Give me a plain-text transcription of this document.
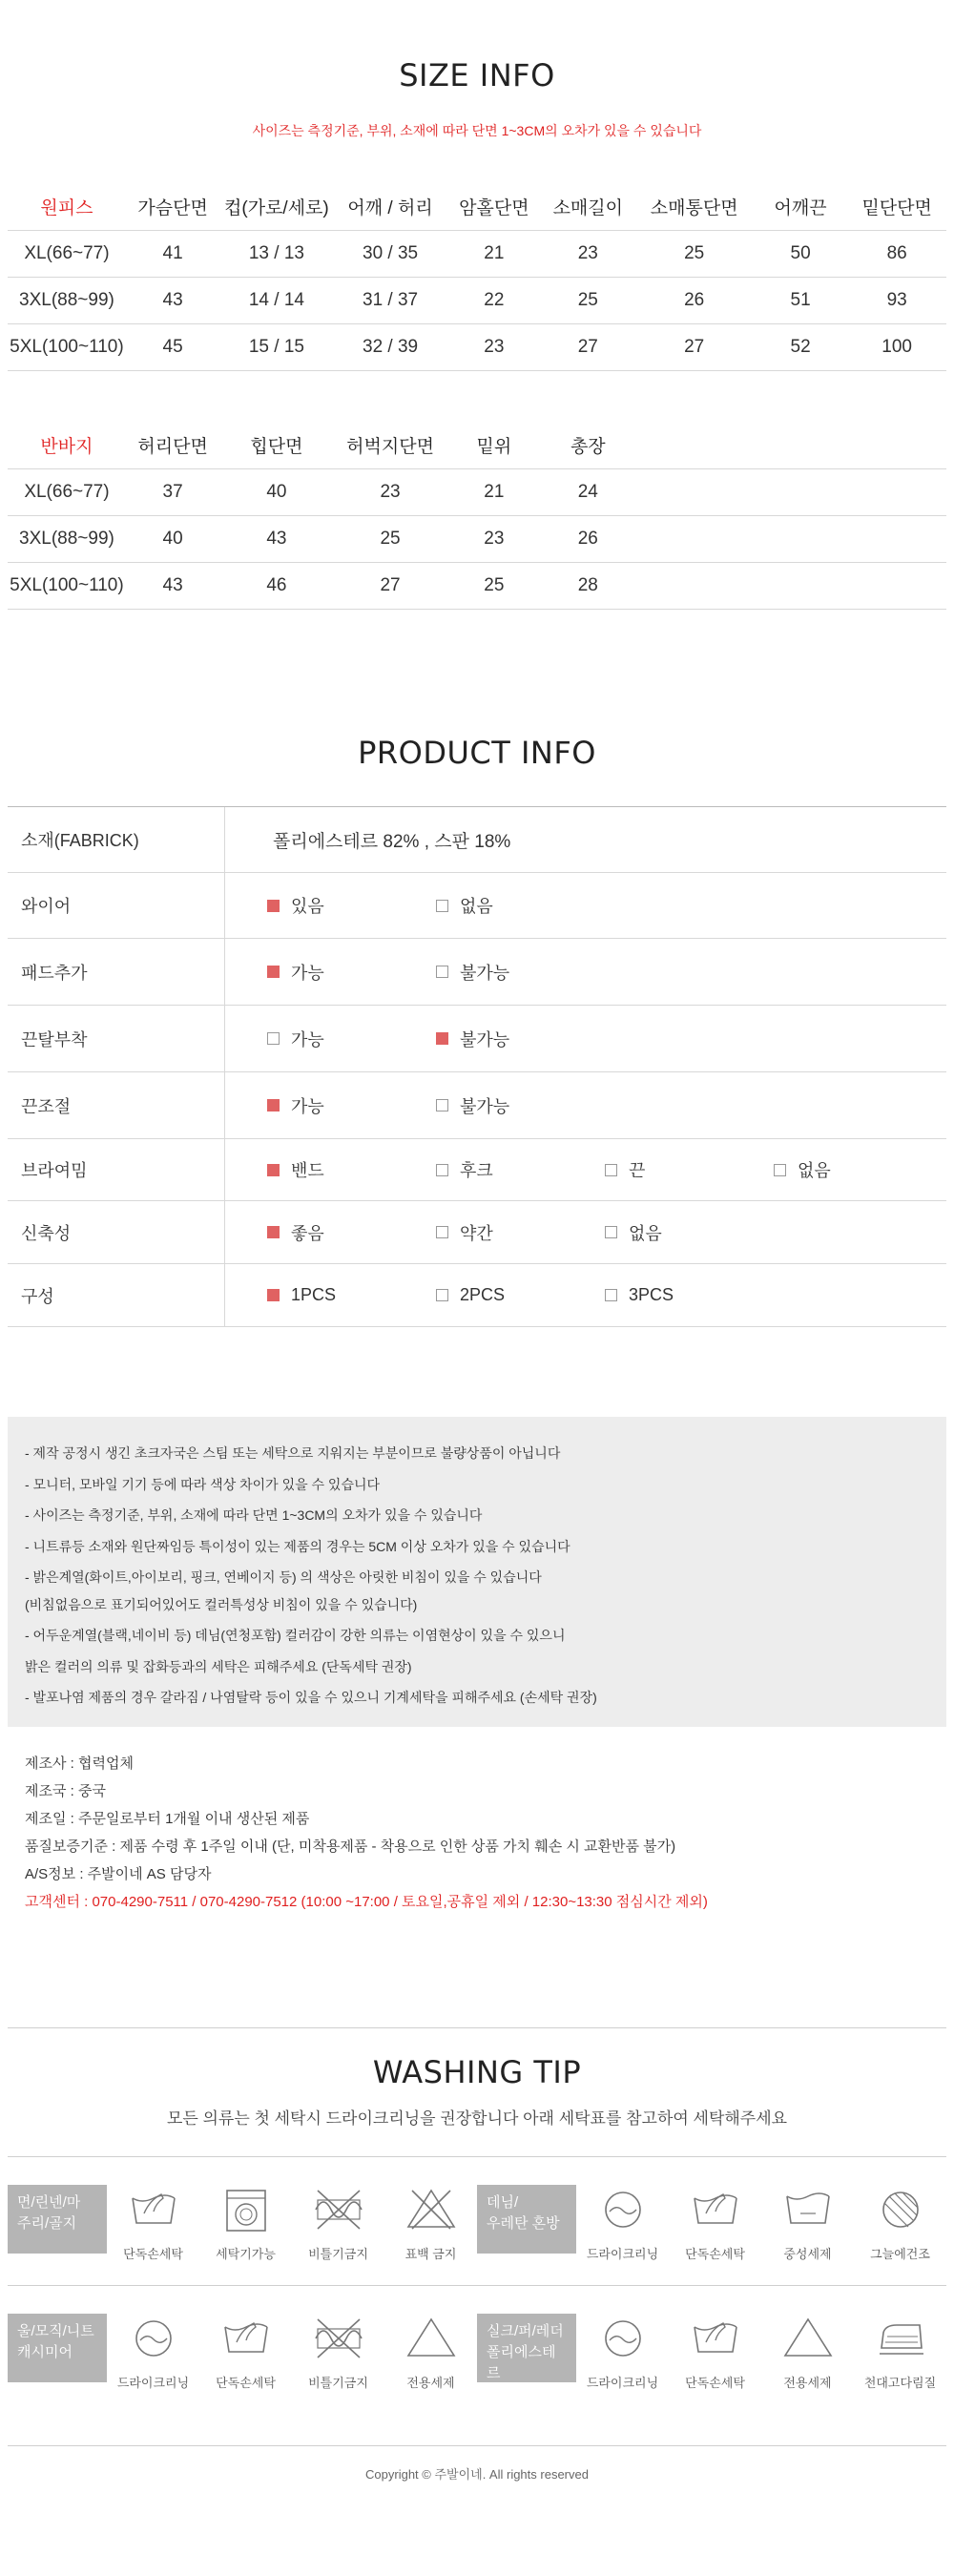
SIZE INFO
사이즈는 측정기준, 부위, 소재에 따라 단면 1~3CM의 오차가 있을 수 있습니다
원피스	가슴단면	컵(가로/세로)	어깨 / 허리	암홀단면	소매길이	소매통단면	어깨끈	밑단단면
XL(66~77)	41	13 / 13	30 / 35	21	23	25	50	86
3XL(88~99)	43	14 / 14	31 / 37	22	25	26	51	93
5XL(100~110)	45	15 / 15	32 / 39	23	27	27	52	100
반바지	허리단면	힙단면	허벅지단면	밑위	총장			
XL(66~77)	37	40	23	21	24			
3XL(88~99)	40	43	25	23	26			
5XL(100~110)	43	46	27	25	28			
PRODUCT INFO
소재(FABRICK)	폴리에스테르 82% , 스판 18%
와이어	있음	없음
패드추가	가능	불가능
끈탈부착	가능	불가능
끈조절	가능	불가능
브라여밈	밴드	후크	끈	없음
신축성	좋음	약간	없음
구성	1PCS	2PCS	3PCS

- 제작 공정시 생긴 초크자국은 스팀 또는 세탁으로 지워지는 부분이므로 불량상품이 아닙니다

- 모니터, 모바일 기기 등에 따라 색상 차이가 있을 수 있습니다

- 사이즈는 측정기준, 부위, 소재에 따라 단면 1~3CM의 오차가 있을 수 있습니다

- 니트류등 소재와 원단짜임등 특이성이 있는 제품의 경우는 5CM 이상 오차가 있을 수 있습니다

- 밝은계열(화이트,아이보리, 핑크, 연베이지 등) 의 색상은 아릿한 비침이 있을 수 있습니다

(비침없음으로 표기되어있어도 컬러특성상 비침이 있을 수 있습니다)

- 어두운계열(블랙,네이비 등) 데님(연청포함) 컬러감이 강한 의류는 이염현상이 있을 수 있으니

밝은 컬러의 의류 및 잡화등과의 세탁은 피해주세요 (단독세탁 권장)

- 발포나염 제품의 경우 갈라짐 / 나염탈락 등이 있을 수 있으니 기계세탁을 피해주세요 (손세탁 권장)

제조사 : 협력업체

제조국 : 중국

제조일 : 주문일로부터 1개월 이내 생산된 제품

품질보증기준 : 제품 수령 후 1주일 이내 (단, 미착용제품 - 착용으로 인한 상품 가치 훼손 시 교환반품 불가)

A/S정보 : 주발이네 AS 담당자

고객센터 : 070-4290-7511 / 070-4290-7512 (10:00 ~17:00 / 토요일,공휴일 제외 / 12:30~13:30 점심시간 제외)

WASHING TIP
모든 의류는 첫 세탁시 드라이크리닝을 권장합니다 아래 세탁표를 참고하여 세탁해주세요
면/린넨/마
주리/골지
단독손세탁	세탁기가능	비틀기금지	표백 금지
데님/
우레탄 혼방
드라이크리닝	단독손세탁	중성세제	그늘에건조
울/모직/니트
캐시미어
드라이크리닝	단독손세탁	비틀기금지	전용세제
실크/퍼/레더
폴리에스테르
드라이크리닝	단독손세탁	전용세제	천대고다림질
Copyright © 주발이네. All rights reserved
